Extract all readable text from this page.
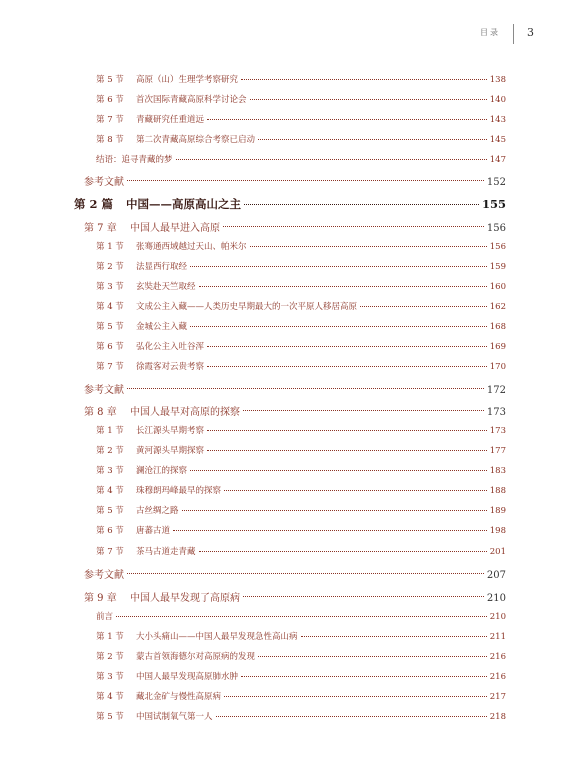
目录 3
第 5 节 高原（山）生理学考察研究	138
第 6 节 首次国际青藏高原科学讨论会	140
第 7 节 青藏研究任重道远	143
第 8 节 第二次青藏高原综合考察已启动	145
结语：追寻青藏的梦	147
参考文献	152
第 2 篇 中国——高原高山之主	155
第 7 章 中国人最早进入高原	156
第 1 节 张骞通西域越过天山、帕米尔	156
第 2 节 法显西行取经	159
第 3 节 玄奘赴天竺取经	160
第 4 节 文成公主入藏——人类历史早期最大的一次平原人移居高原	162
第 5 节 金城公主入藏	168
第 6 节 弘化公主入吐谷浑	169
第 7 节 徐霞客对云贵考察	170
参考文献	172
第 8 章 中国人最早对高原的探察	173
第 1 节 长江源头早期考察	173
第 2 节 黄河源头早期探察	177
第 3 节 澜沧江的探察	183
第 4 节 珠穆朗玛峰最早的探察	188
第 5 节 古丝绸之路	189
第 6 节 唐蕃古道	198
第 7 节 茶马古道走青藏	201
参考文献	207
第 9 章 中国人最早发现了高原病	210
前言	210
第 1 节 大小头痛山——中国人最早发现急性高山病	211
第 2 节 蒙古首领海德尔对高原病的发现	216
第 3 节 中国人最早发现高原肺水肿	216
第 4 节 藏北金矿与慢性高原病	217
第 5 节 中国试制氧气第一人	218
